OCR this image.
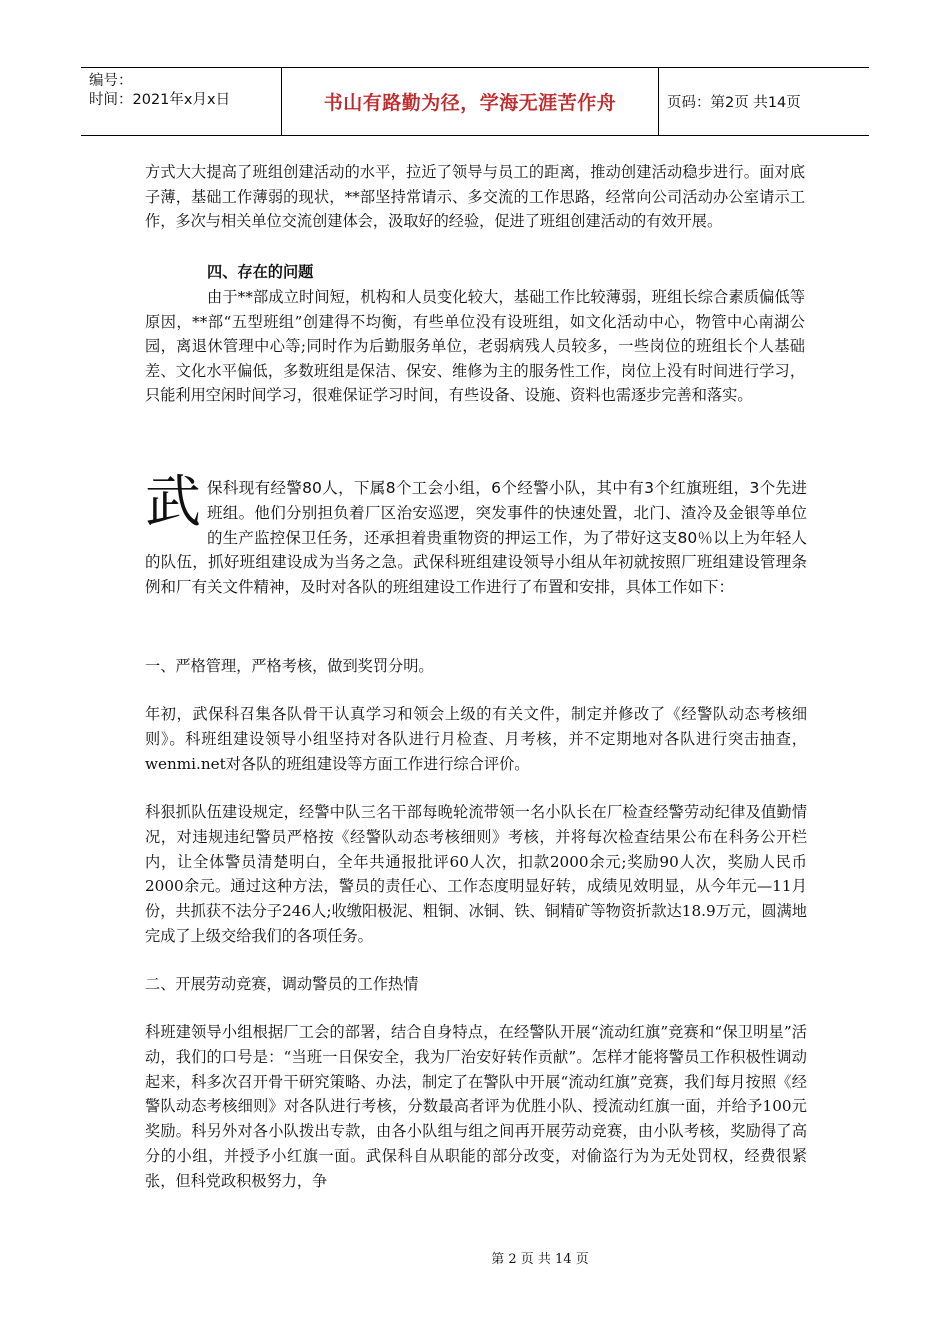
编号：
时间：2021年x月x日	书山有路勤为径，学海无涯苦作舟	页码：第2页 共14页

方式大大提高了班组创建活动的水平，拉近了领导与员工的距离，推动创建活动稳步进行。面对底子薄，基础工作薄弱的现状，**部坚持常请示、多交流的工作思路，经常向公司活动办公室请示工作，多次与相关单位交流创建体会，汲取好的经验，促进了班组创建活动的有效开展。

四、存在的问题

由于**部成立时间短，机构和人员变化较大，基础工作比较薄弱，班组长综合素质偏低等原因，**部“五型班组”创建得不均衡，有些单位没有设班组，如文化活动中心，物管中心南湖公园，离退休管理中心等;同时作为后勤服务单位，老弱病残人员较多，一些岗位的班组长个人基础差、文化水平偏低，多数班组是保洁、保安、维修为主的服务性工作，岗位上没有时间进行学习，只能利用空闲时间学习，很难保证学习时间，有些设备、设施、资料也需逐步完善和落实。

武 保科现有经警80人，下属8个工会小组，6个经警小队，其中有3个红旗班组，3个先进班组。他们分别担负着厂区治安巡逻，突发事件的快速处置，北门、渣冷及金银等单位的生产监控保卫任务，还承担着贵重物资的押运工作，为了带好这支80％以上为年轻人的队伍，抓好班组建设成为当务之急。武保科班组建设领导小组从年初就按照厂班组建设管理条例和厂有关文件精神，及时对各队的班组建设工作进行了布置和安排，具体工作如下：

一、严格管理，严格考核，做到奖罚分明。

年初，武保科召集各队骨干认真学习和领会上级的有关文件，制定并修改了《经警队动态考核细则》。科班组建设领导小组坚持对各队进行月检查、月考核，并不定期地对各队进行突击抽查，wenmi.net对各队的班组建设等方面工作进行综合评价。

科狠抓队伍建设规定，经警中队三名干部每晚轮流带领一名小队长在厂检查经警劳动纪律及值勤情况，对违规违纪警员严格按《经警队动态考核细则》考核，并将每次检查结果公布在科务公开栏内，让全体警员清楚明白，全年共通报批评60人次，扣款2000余元;奖励90人次，奖励人民币2000余元。通过这种方法，警员的责任心、工作态度明显好转，成绩见效明显，从今年元—11月份，共抓获不法分子246人;收缴阳极泥、粗铜、冰铜、铁、铜精矿等物资折款达18.9万元，圆满地完成了上级交给我们的各项任务。

二、开展劳动竞赛，调动警员的工作热情

科班建领导小组根据厂工会的部署，结合自身特点，在经警队开展“流动红旗”竞赛和“保卫明星”活动，我们的口号是：“当班一日保安全，我为厂治安好转作贡献”。怎样才能将警员工作积极性调动起来，科多次召开骨干研究策略、办法，制定了在警队中开展“流动红旗”竞赛，我们每月按照《经警队动态考核细则》对各队进行考核，分数最高者评为优胜小队、授流动红旗一面，并给予100元奖励。科另外对各小队拨出专款，由各小队组与组之间再开展劳动竞赛，由小队考核，奖励得了高分的小组，并授予小红旗一面。武保科自从职能的部分改变，对偷盗行为为无处罚权，经费很紧张，但科党政积极努力，争

第 2 页 共 14 页
